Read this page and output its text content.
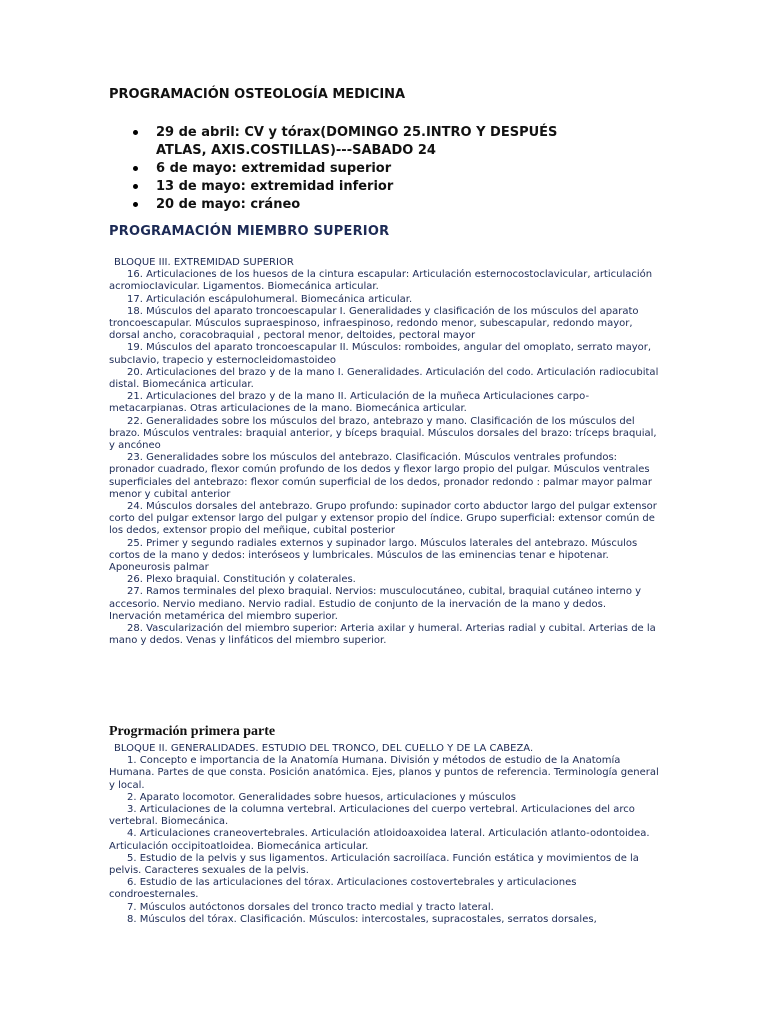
PROGRAMACIÓN OSTEOLOGÍA MEDICINA
29 de abril: CV y tórax(DOMINGO 25.INTRO Y DESPUÉS ATLAS, AXIS.COSTILLAS)---SABADO 24
6 de mayo: extremidad superior
13 de mayo: extremidad inferior
20 de mayo: cráneo
PROGRAMACIÓN MIEMBRO SUPERIOR

BLOQUE III. EXTREMIDAD SUPERIOR

16. Articulaciones de los huesos de la cintura escapular: Articulación esternocostoclavicular, articulación acromiocIavicular. Ligamentos. Biomecánica articular.

17. Articulación escápulohumeral. Biomecánica articular.

18. Músculos del aparato troncoescapular I. Generalidades y clasificación de los músculos del aparato troncoescapular. Músculos supraespinoso, infraespinoso, redondo menor, subescapular, redondo mayor, dorsal ancho, coracobraquial , pectoral menor, deltoides, pectoral mayor

19. Músculos del aparato troncoescapular II. Músculos: romboides, angular del omoplato, serrato mayor, subcIavio, trapecio y esternocleidomastoideo

20. Articulaciones del brazo y de la mano I. Generalidades. Articulación del codo. Articulación radiocubital distal. Biomecánica articular.

21. Articulaciones del brazo y de la mano II. Articulación de la muñeca Articulaciones carpo-metacarpianas. Otras articulaciones de la mano. Biomecánica articular.

22. Generalidades sobre los músculos del brazo, antebrazo y mano. Clasificación de los músculos del brazo. Músculos ventrales: braquial anterior, y bíceps braquial. Músculos dorsales del brazo: tríceps braquial, y ancóneo

23. Generalidades sobre los músculos del antebrazo. Clasificación. Músculos ventrales profundos: pronador cuadrado, flexor común profundo de los dedos y flexor largo propio del pulgar. Músculos ventrales superficiales del antebrazo: flexor común superficial de los dedos, pronador redondo : palmar mayor palmar menor y cubital anterior

24. Músculos dorsales del antebrazo. Grupo profundo: supinador corto abductor largo del pulgar extensor corto del pulgar extensor largo del pulgar y extensor propio del índice. Grupo superficial: extensor común de los dedos, extensor propio del meñique, cubital posterior

25. Primer y segundo radiales externos y supinador largo. Músculos laterales del antebrazo. Músculos cortos de la mano y dedos: interóseos y lumbricales. Músculos de las eminencias tenar e hipotenar. Aponeurosis palmar

26. Plexo braquial. Constitución y colaterales.

27. Ramos terminales del plexo braquial. Nervios: musculocutáneo, cubital, braquial cutáneo interno y accesorio. Nervio mediano. Nervio radial. Estudio de conjunto de la inervación de la mano y dedos. Inervación metamérica del miembro superior.

28. Vascularización del miembro superior: Arteria axilar y humeral. Arterias radial y cubital. Arterias de la mano y dedos. Venas y linfáticos del miembro superior.

Progrmación primera parte

BLOQUE II. GENERALIDADES. ESTUDIO DEL TRONCO, DEL CUELLO Y DE LA CABEZA.

1. Concepto e importancia de la Anatomía Humana. División y métodos de estudio de la Anatomía Humana. Partes de que consta. Posición anatómica. Ejes, planos y puntos de referencia. Terminología general y local.

2. Aparato locomotor. Generalidades sobre huesos, articulaciones y músculos

3. Articulaciones de la columna vertebral. Articulaciones del cuerpo vertebral. Articulaciones del arco vertebral. Biomecánica.

4. Articulaciones craneovertebrales. Articulación atloidoaxoidea lateral. Articulación atlanto-odontoidea. Articulación occipitoatloidea. Biomecánica articular.

5. Estudio de la pelvis y sus ligamentos. Articulación sacroilíaca. Función estática y movimientos de la pelvis. Caracteres sexuales de la pelvis.

6. Estudio de las articulaciones del tórax. Articulaciones costovertebrales y articulaciones condroesternales.

7. Músculos autóctonos dorsales del tronco tracto medial y tracto lateral.

8. Músculos del tórax. Clasificación. Músculos: intercostales, supracostales, serratos dorsales,
